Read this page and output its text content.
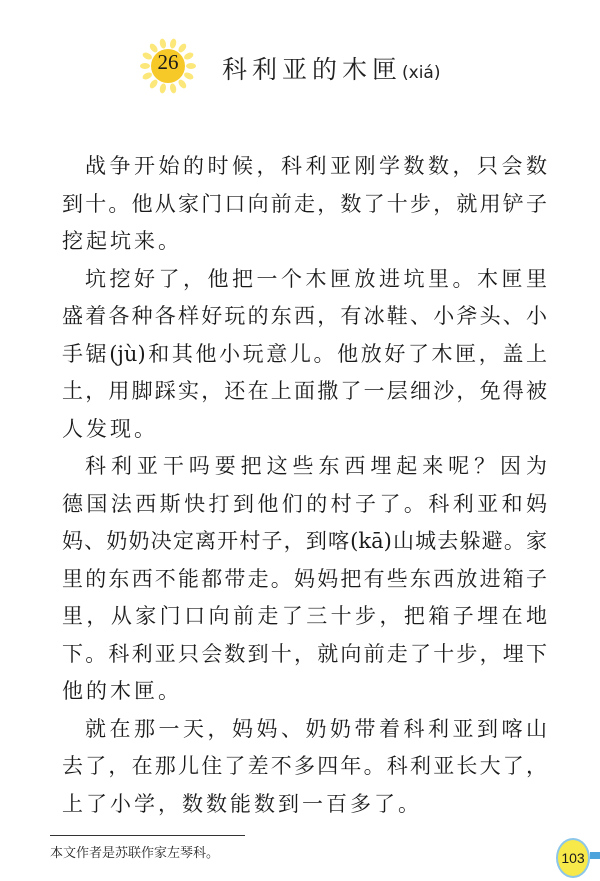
26	科利亚的木匣(xiá)
战争开始的时候，科利亚刚学数数，只会数
到十。他从家门口向前走，数了十步，就用铲子
挖起坑来。
坑挖好了，他把一个木匣放进坑里。木匣里
盛着各种各样好玩的东西，有冰鞋、小斧头、小
手锯(jù)和其他小玩意儿。他放好了木匣，盖上
土，用脚踩实，还在上面撒了一层细沙，免得被
人发现。
科利亚干吗要把这些东西埋起来呢？因为
德国法西斯快打到他们的村子了。科利亚和妈
妈、奶奶决定离开村子，到喀(kā)山城去躲避。家
里的东西不能都带走。妈妈把有些东西放进箱子
里，从家门口向前走了三十步，把箱子埋在地
下。科利亚只会数到十，就向前走了十步，埋下
他的木匣。
就在那一天，妈妈、奶奶带着科利亚到喀山
去了，在那儿住了差不多四年。科利亚长大了，
上了小学，数数能数到一百多了。
本文作者是苏联作家左琴科。	103
